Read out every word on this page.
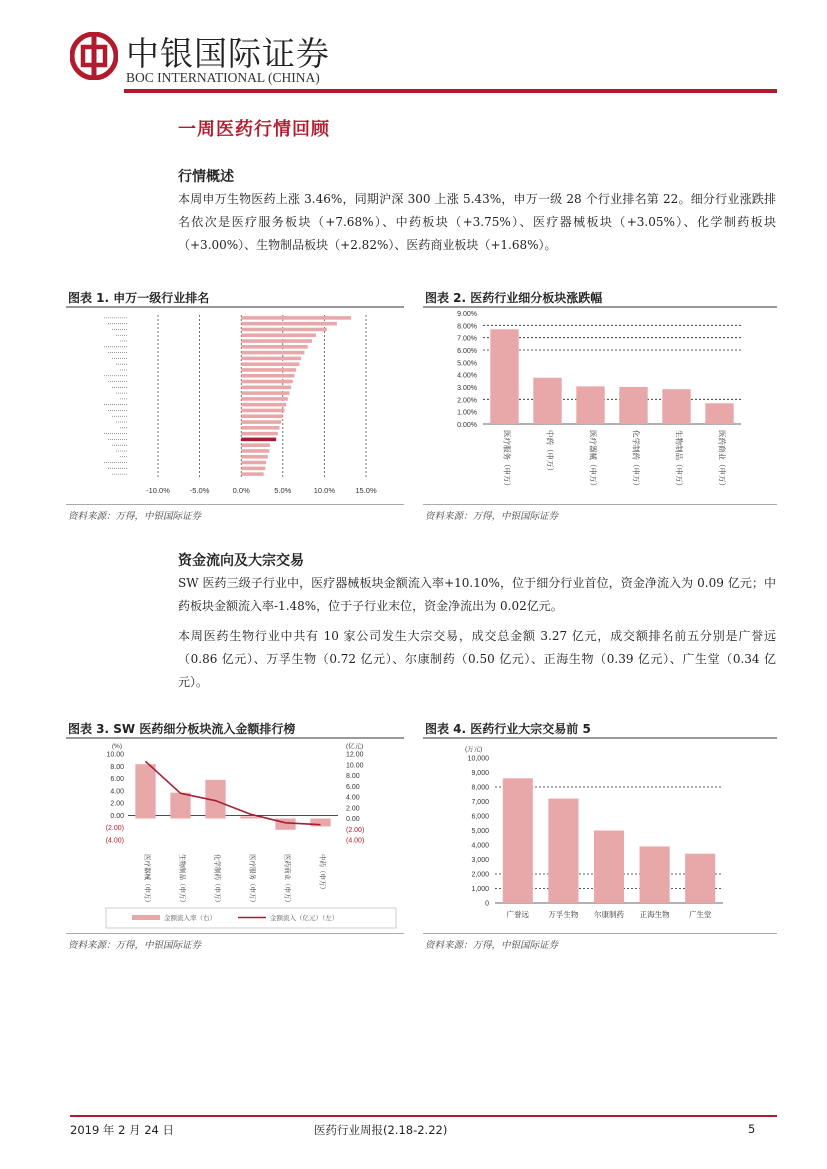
中银国际证券
BOC INTERNATIONAL (CHINA)
一周医药行情回顾
行情概述

本周申万生物医药上涨 3.46%，同期沪深 300 上涨 5.43%，申万一级 28 个行业排名第 22。细分行业涨跌排名依次是医疗服务板块（+7.68%）、中药板块（+3.75%）、医疗器械板块（+3.05%）、化学制药板块（+3.00%）、生物制品板块（+2.82%）、医药商业板块（+1.68%）。

图表 1. 申万一级行业排名	图表 2. 医药行业细分板块涨跌幅
-10.0%	-5.0%	0.0%	5.0%	10.0%	15.0%
9.00%
8.00%
7.00%
6.00%
5.00%
4.00%
3.00%
2.00%
1.00%
0.00%
医疗服务（申万）	中药（申万）	医疗器械（申万）	化学制药（申万）	生物制品（申万）	医药商业（申万）
资料来源：万得，中银国际证券	资料来源：万得，中银国际证券
资金流向及大宗交易

SW 医药三级子行业中，医疗器械板块金额流入率+10.10%，位于细分行业首位，资金净流入为 0.09 亿元；中药板块金额流入率-1.48%，位于子行业末位，资金净流出为 0.02亿元。

本周医药生物行业中共有 10 家公司发生大宗交易，成交总金额 3.27 亿元，成交额排名前五分别是广誉远（0.86 亿元）、万孚生物（0.72 亿元）、尔康制药（0.50 亿元）、正海生物（0.39 亿元）、广生堂（0.34 亿元）。

图表 3. SW 医药细分板块流入金额排行榜	图表 4. 医药行业大宗交易前 5
(%)	(亿元)
10.00
8.00
6.00
4.00
2.00
0.00
(2.00)
(4.00)
12.00
10.00
8.00
6.00
4.00
2.00
0.00
(2.00)
(4.00)
医疗器械（申万）	生物制品（申万）	化学制药（申万）	医疗服务（申万）	医药商业（申万）	中药（申万）
金额流入率（右）	金额流入（亿元）（左）
(万元)
10,000
9,000
8,000
7,000
6,000
5,000
4,000
3,000
2,000
1,000
0
广誉远	万孚生物 尔康制药 正海生物	广生堂
资料来源：万得，中银国际证券	资料来源：万得，中银国际证券
2019 年 2 月 24 日	医药行业周报(2.18-2.22)	5
